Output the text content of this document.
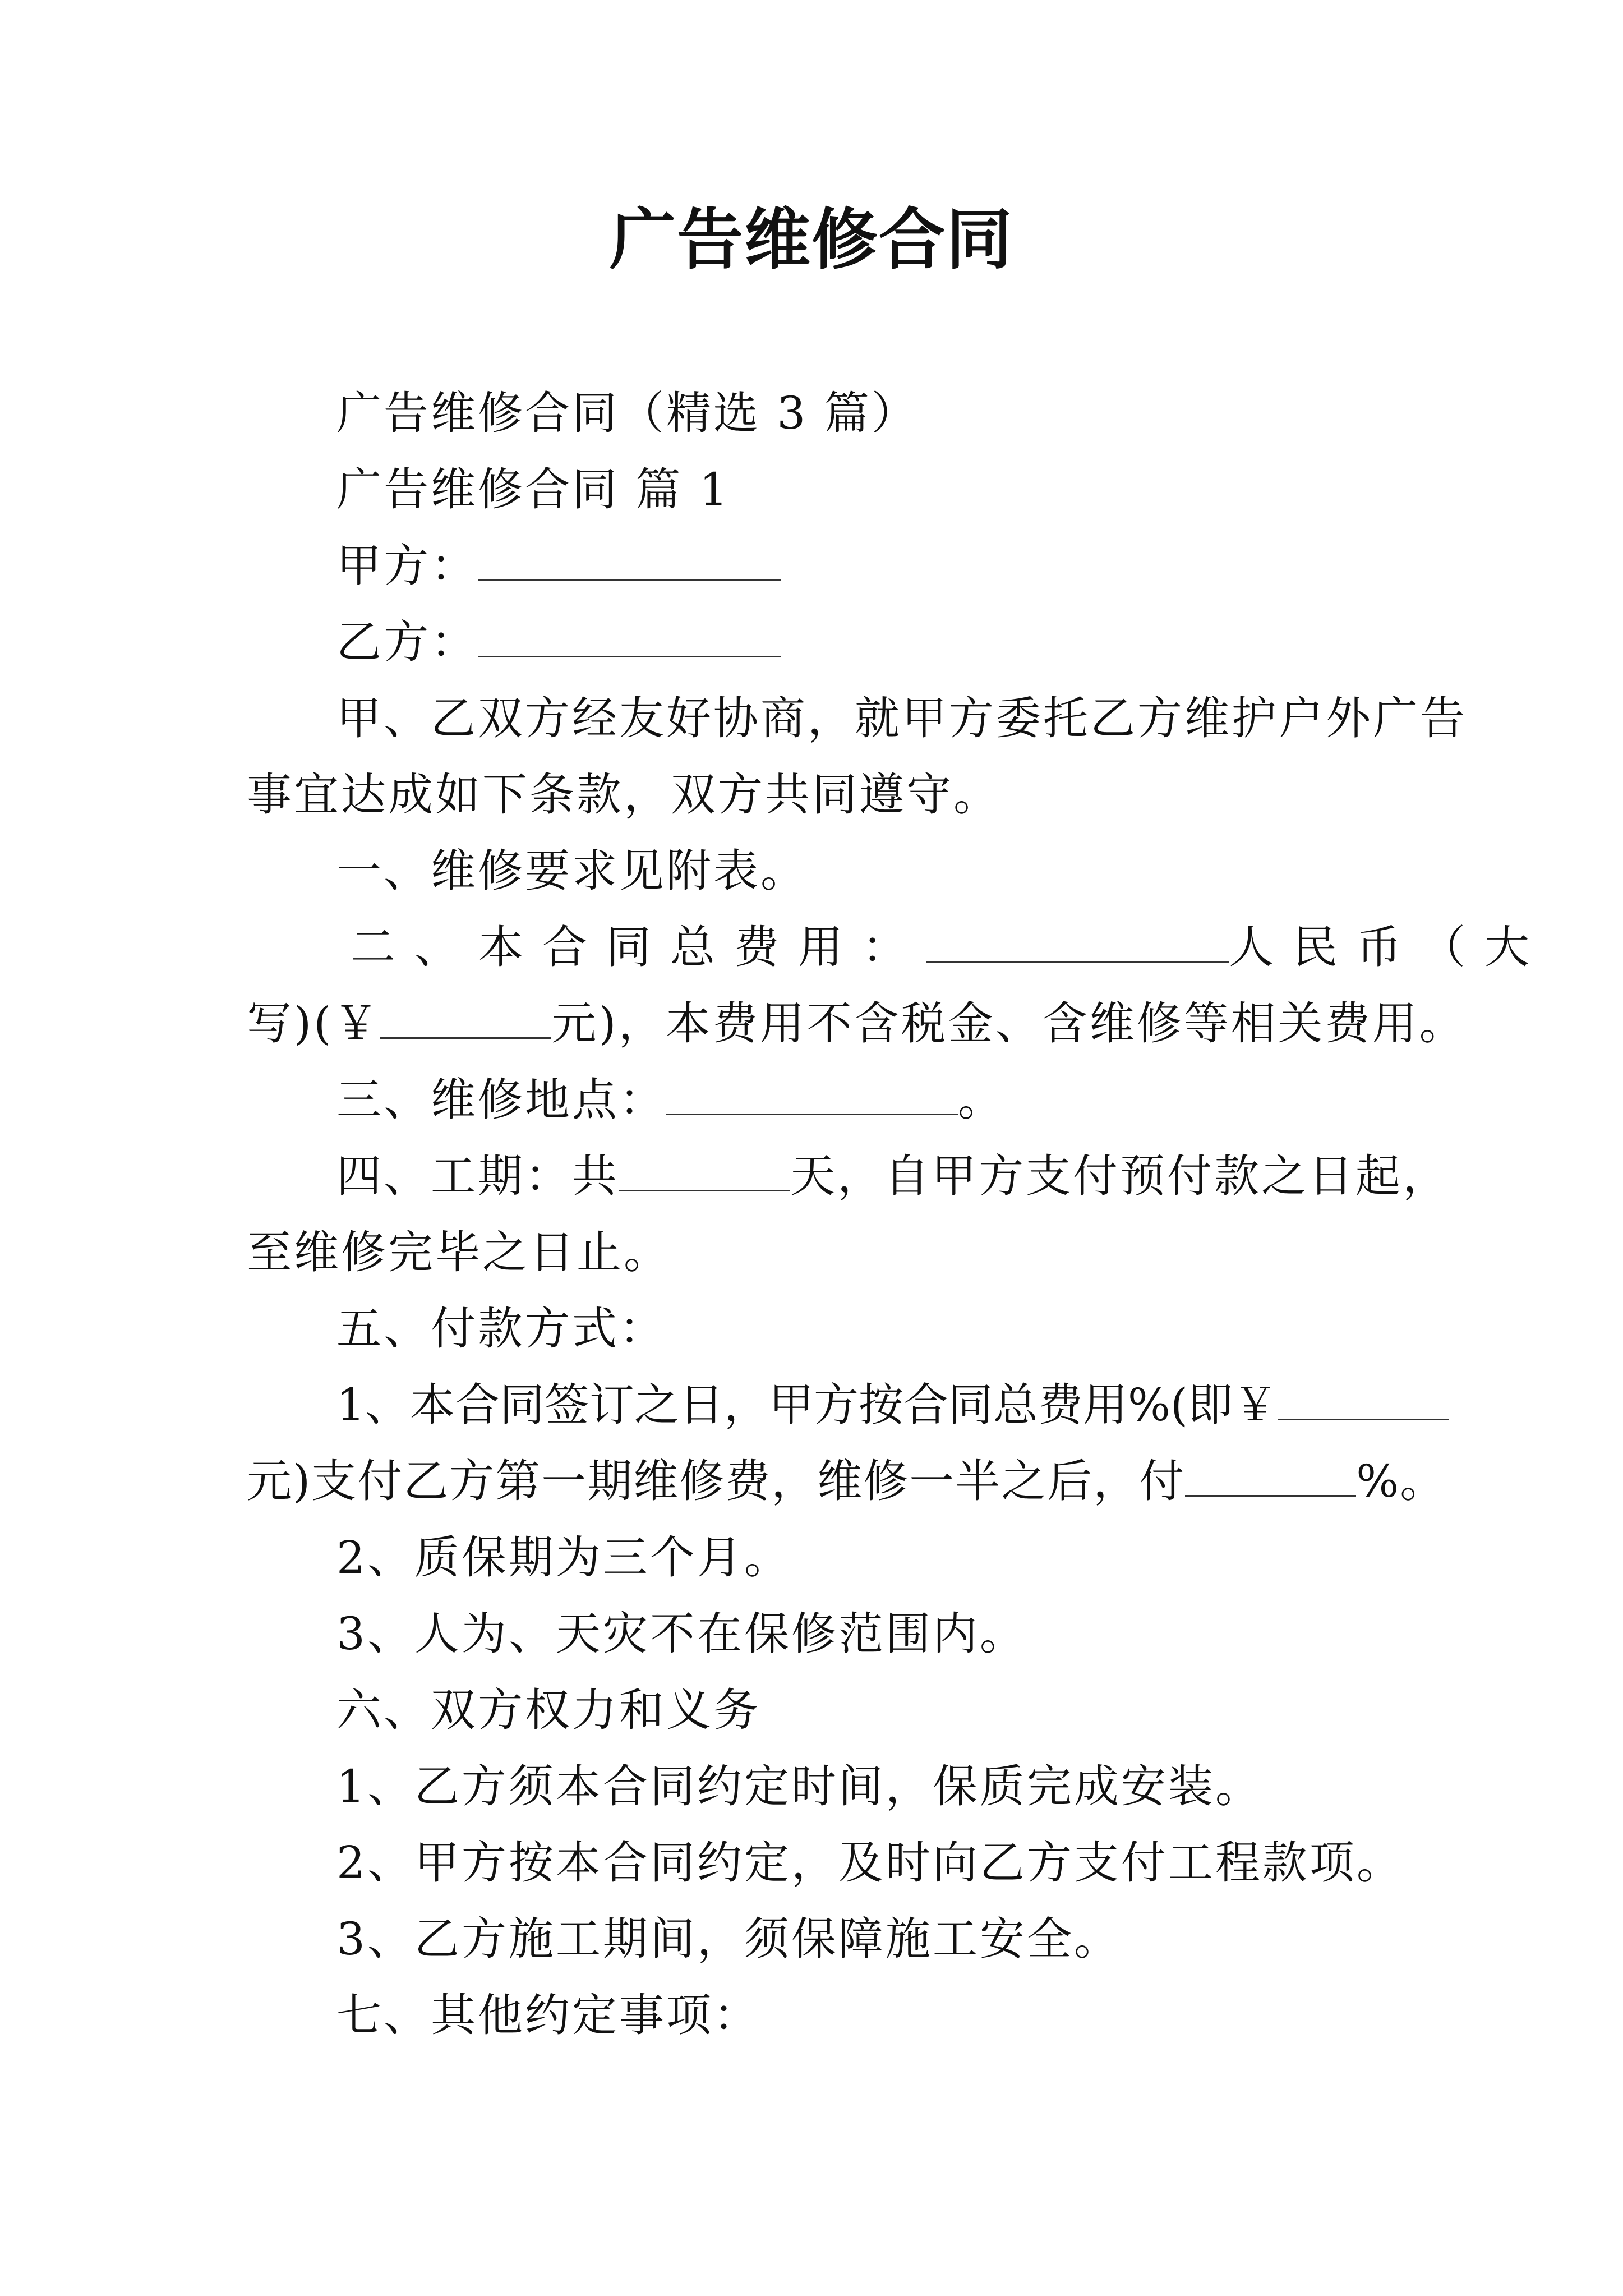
广告维修合同
广告维修合同（精选 3 篇）
广告维修合同 篇 1
甲方：
乙方：
甲、乙双方经友好协商，就甲方委托乙方维护户外广告
事宜达成如下条款，双方共同遵守。
一、维修要求见附表。
二、本合同总费用：	人民币（大
写)(￥	元)，本费用不含税金、含维修等相关费用。
三、维修地点：	。
四、工期：共	天，自甲方支付预付款之日起，
至维修完毕之日止。
五、付款方式：
1、本合同签订之日，甲方按合同总费用%(即￥
元)支付乙方第一期维修费，维修一半之后，付	%。
2、质保期为三个月。
3、人为、天灾不在保修范围内。
六、双方权力和义务
1、乙方须本合同约定时间，保质完成安装。
2、甲方按本合同约定，及时向乙方支付工程款项。
3、乙方施工期间，须保障施工安全。
七、其他约定事项：
